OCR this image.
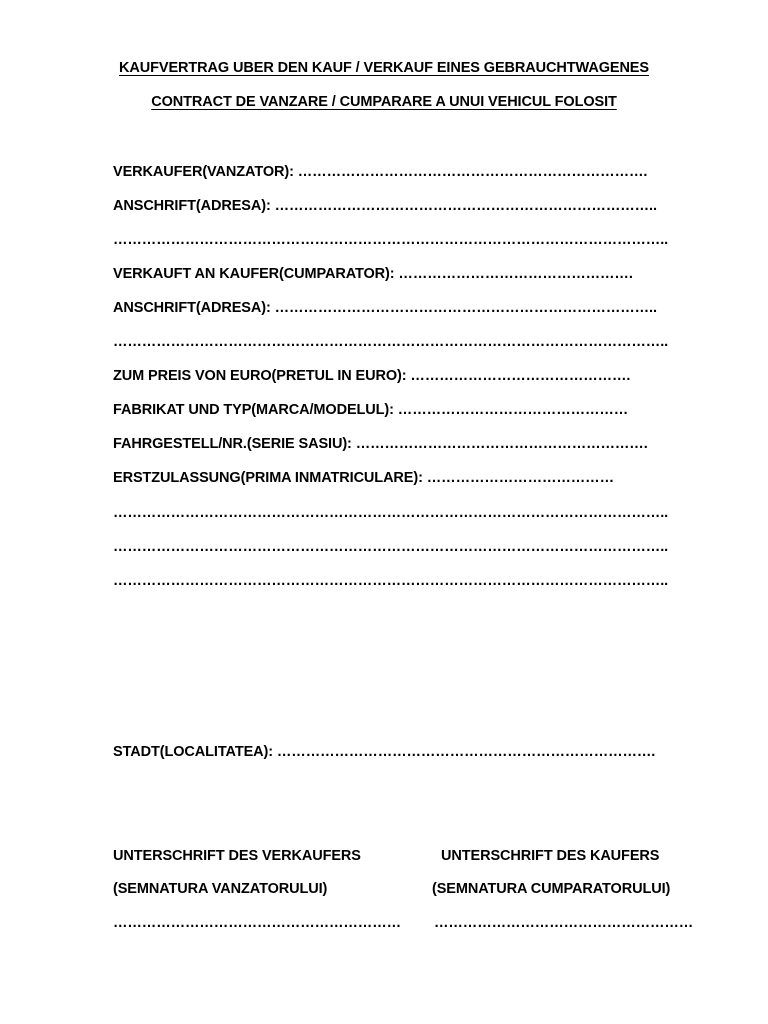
KAUFVERTRAG UBER DEN KAUF / VERKAUF EINES GEBRAUCHTWAGENES
CONTRACT DE VANZARE / CUMPARARE A UNUI VEHICUL FOLOSIT
VERKAUFER(VANZATOR): ……………………………………………………………….
ANSCHRIFT(ADRESA): ……………………………………………………………………..
……………………………………………………………………………………………………..
VERKAUFT AN KAUFER(CUMPARATOR): ………………………………………….
ANSCHRIFT(ADRESA): ……………………………………………………………………..
……………………………………………………………………………………………………..
ZUM PREIS VON EURO(PRETUL IN EURO): ……………………………………….
FABRIKAT UND TYP(MARCA/MODELUL): …………………………………………
FAHRGESTELL/NR.(SERIE SASIU): …………………………………………………….
ERSTZULASSUNG(PRIMA INMATRICULARE): …………………………………
……………………………………………………………………………………………………..
……………………………………………………………………………………………………..
……………………………………………………………………………………………………..
STADT(LOCALITATEA): …………………………………………………………………….
UNTERSCHRIFT DES VERKAUFERS	UNTERSCHRIFT DES KAUFERS
(SEMNATURA VANZATORULUI)	(SEMNATURA CUMPARATORULUI)
…………………………………………………… ………………………………………………
